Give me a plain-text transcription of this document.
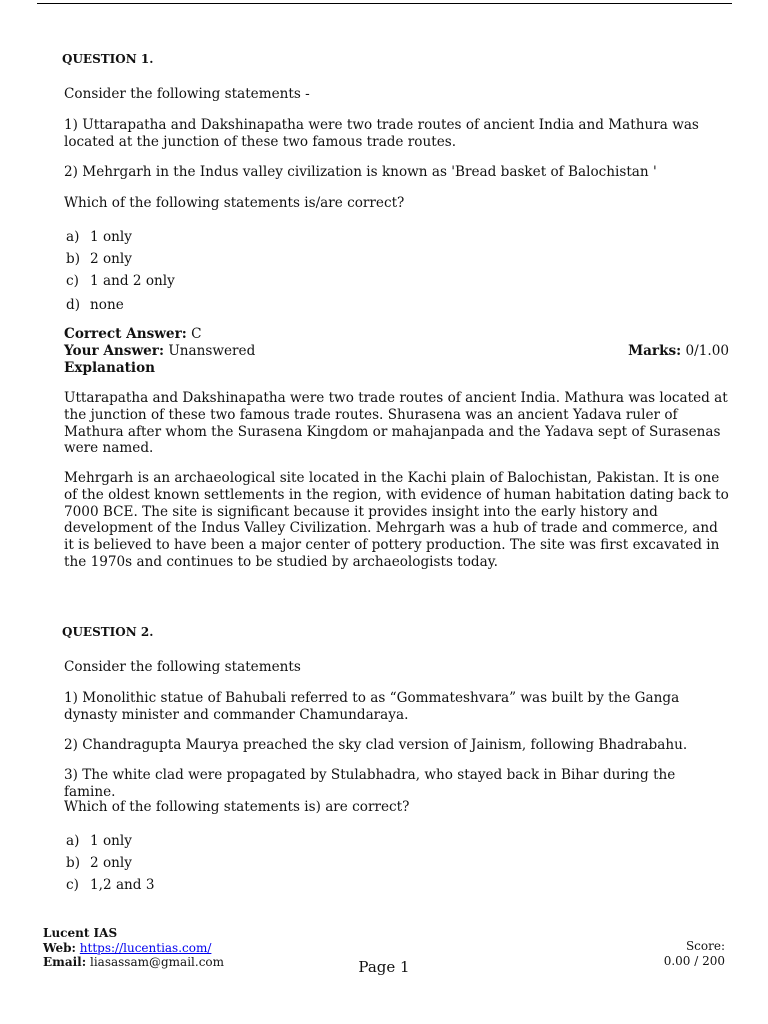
QUESTION 1.
Consider the following statements -
1) Uttarapatha and Dakshinapatha were two trade routes of ancient India and Mathura was located at the junction of these two famous trade routes.
2) Mehrgarh in the Indus valley civilization is known as 'Bread basket of Balochistan '
Which of the following statements is/are correct?
a) 1 only
b) 2 only
c) 1 and 2 only
d) none
Correct Answer: C
Your Answer: Unanswered	Marks: 0/1.00
Explanation
Uttarapatha and Dakshinapatha were two trade routes of ancient India. Mathura was located at the junction of these two famous trade routes. Shurasena was an ancient Yadava ruler of Mathura after whom the Surasena Kingdom or mahajanpada and the Yadava sept of Surasenas were named.
Mehrgarh is an archaeological site located in the Kachi plain of Balochistan, Pakistan. It is one of the oldest known settlements in the region, with evidence of human habitation dating back to 7000 BCE. The site is significant because it provides insight into the early history and development of the Indus Valley Civilization. Mehrgarh was a hub of trade and commerce, and it is believed to have been a major center of pottery production. The site was first excavated in the 1970s and continues to be studied by archaeologists today.
QUESTION 2.
Consider the following statements
1) Monolithic statue of Bahubali referred to as “Gommateshvara” was built by the Ganga dynasty minister and commander Chamundaraya.
2) Chandragupta Maurya preached the sky clad version of Jainism, following Bhadrabahu.
3) The white clad were propagated by Stulabhadra, who stayed back in Bihar during the famine.
Which of the following statements is) are correct?
a) 1 only
b) 2 only
c) 1,2 and 3
Lucent IAS
Web: https://lucentias.com/
Email: liasassam@gmail.com	Page 1
Score:
0.00 / 200
